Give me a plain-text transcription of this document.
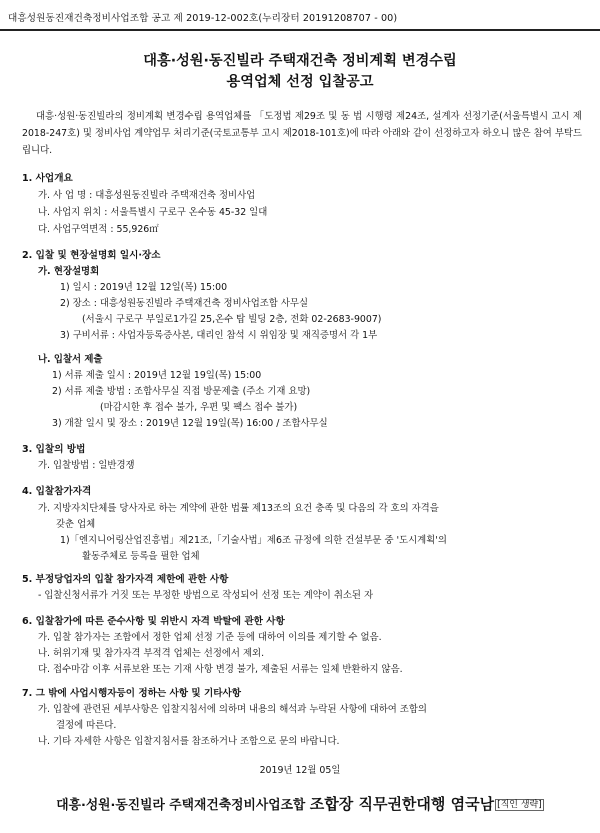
대흥성원동진재건축정비사업조합 공고 제 2019-12-002호(누리장터 20191208707 - 00)
대흥·성원·동진빌라 주택재건축 정비계획 변경수립
용역업체 선정 입찰공고
대흥·성원·동진빌라의 정비계획 변경수립 용역업체를 「도정법 제29조 및 동 법 시행령 제24조, 설계자 선정기준(서울특별시 고시 제2018-247호) 및 정비사업 계약업무 처리기준(국토교통부 고시 제2018-101호)에 따라 아래와 같이 선정하고자 하오니 많은 참여 부탁드립니다.
1. 사업개요
가. 사 업 명 : 대흥성원동진빌라 주택재건축 정비사업
나. 사업지 위치 : 서울특별시 구로구 온수동 45-32 일대
다. 사업구역면적 : 55,926㎡
2. 입찰 및 현장설명회 일시·장소
가. 현장설명회
1) 일시 : 2019년 12월 12일(목) 15:00
2) 장소 : 대흥성원동진빌라 주택재건축 정비사업조합 사무실
(서울시 구로구 부일로1가길 25,온수 탑 빌딩 2층, 전화 02-2683-9007)
3) 구비서류 : 사업자등록증사본, 대리인 참석 시 위임장 및 재직증명서 각 1부
나. 입찰서 제출
1) 서류 제출 일시 : 2019년 12월 19일(목) 15:00
2) 서류 제출 방법 : 조합사무실 직접 방문제출 (주소 기재 요망)
(마감시한 후 접수 불가, 우편 및 팩스 접수 불가)
3) 개찰 일시 및 장소 : 2019년 12월 19일(목) 16:00 / 조합사무실
3. 입찰의 방법
가. 입찰방법 : 일반경쟁
4. 입찰참가자격
가. 지방자치단체를 당사자로 하는 계약에 관한 법률 제13조의 요건 충족 및 다음의 각 호의 자격을
갖춘 업체
1)「엔지니어링산업진흥법」제21조,「기술사법」제6조 규정에 의한 건설부문 중 '도시계획'의
활동주체로 등록을 필한 업체
5. 부정당업자의 입찰 참가자격 제한에 관한 사항
- 입찰신청서류가 거짓 또는 부정한 방법으로 작성되어 선정 또는 계약이 취소된 자
6. 입찰참가에 따른 준수사항 및 위반시 자격 박탈에 관한 사항
가. 입찰 참가자는 조합에서 정한 업체 선정 기준 등에 대하여 이의를 제기할 수 없음.
나. 허위기재 및 참가자격 부적격 업체는 선정에서 제외.
다. 접수마감 이후 서류보완 또는 기재 사항 변경 불가, 제출된 서류는 일체 반환하지 않음.
7. 그 밖에 사업시행자등이 정하는 사항 및 기타사항
가. 입찰에 관련된 세부사항은 입찰지침서에 의하며 내용의 해석과 누락된 사항에 대하여 조합의
결정에 따른다.
나. 기타 자세한 사항은 입찰지침서를 참조하거나 조합으로 문의 바랍니다.
2019년 12월 05일
대흥·성원·동진빌라 주택재건축정비사업조합 조합장 직무권한대행 염국남 [직인 생략]
